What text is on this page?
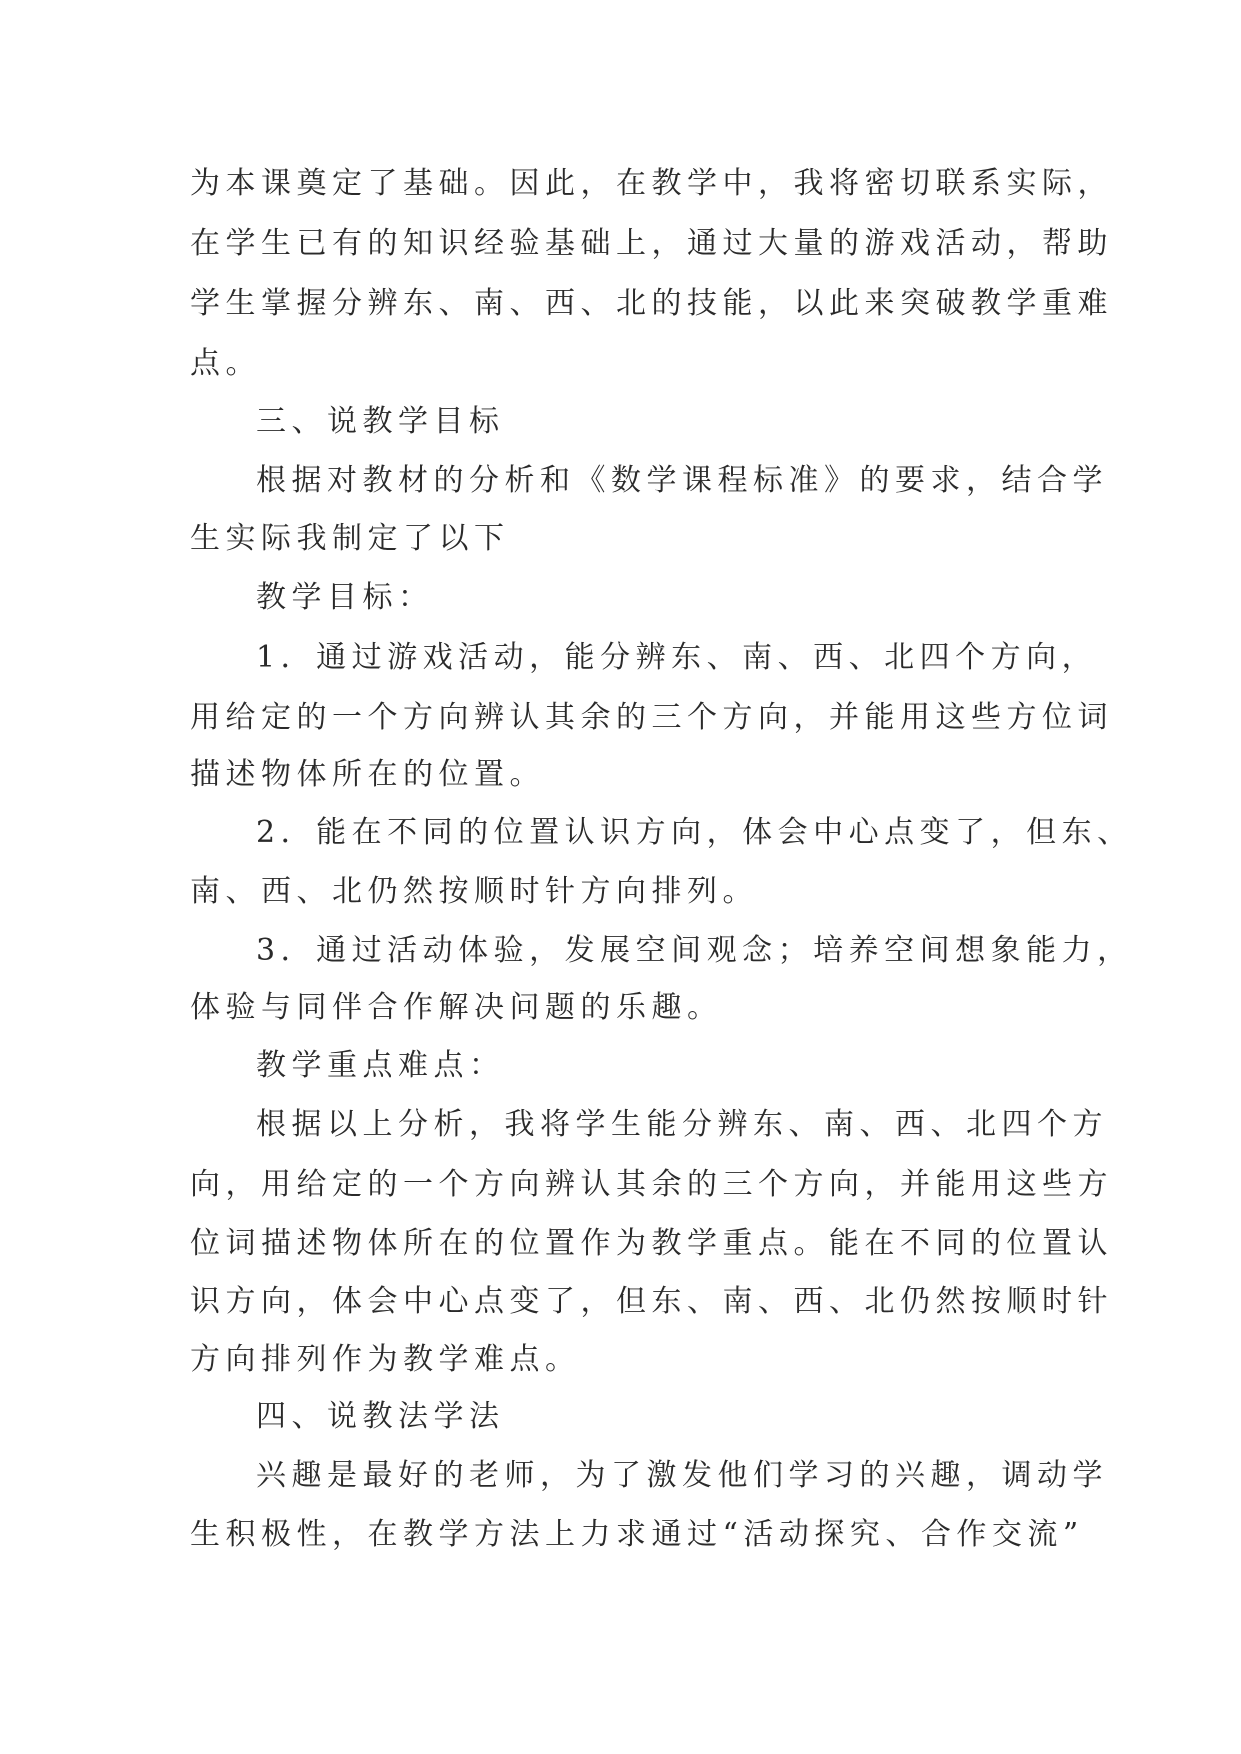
为本课奠定了基础。因此，在教学中，我将密切联系实际，
在学生已有的知识经验基础上，通过大量的游戏活动，帮助
学生掌握分辨东、南、西、北的技能，以此来突破教学重难
点。
三、说教学目标
根据对教材的分析和《数学课程标准》的要求，结合学
生实际我制定了以下
教学目标：
1．通过游戏活动，能分辨东、南、西、北四个方向，
用给定的一个方向辨认其余的三个方向，并能用这些方位词
描述物体所在的位置。
2．能在不同的位置认识方向，体会中心点变了，但东、
南、西、北仍然按顺时针方向排列。
3．通过活动体验，发展空间观念；培养空间想象能力，
体验与同伴合作解决问题的乐趣。
教学重点难点：
根据以上分析，我将学生能分辨东、南、西、北四个方
向，用给定的一个方向辨认其余的三个方向，并能用这些方
位词描述物体所在的位置作为教学重点。能在不同的位置认
识方向，体会中心点变了，但东、南、西、北仍然按顺时针
方向排列作为教学难点。
四、说教法学法
兴趣是最好的老师，为了激发他们学习的兴趣，调动学
生积极性，在教学方法上力求通过“活动探究、合作交流”
